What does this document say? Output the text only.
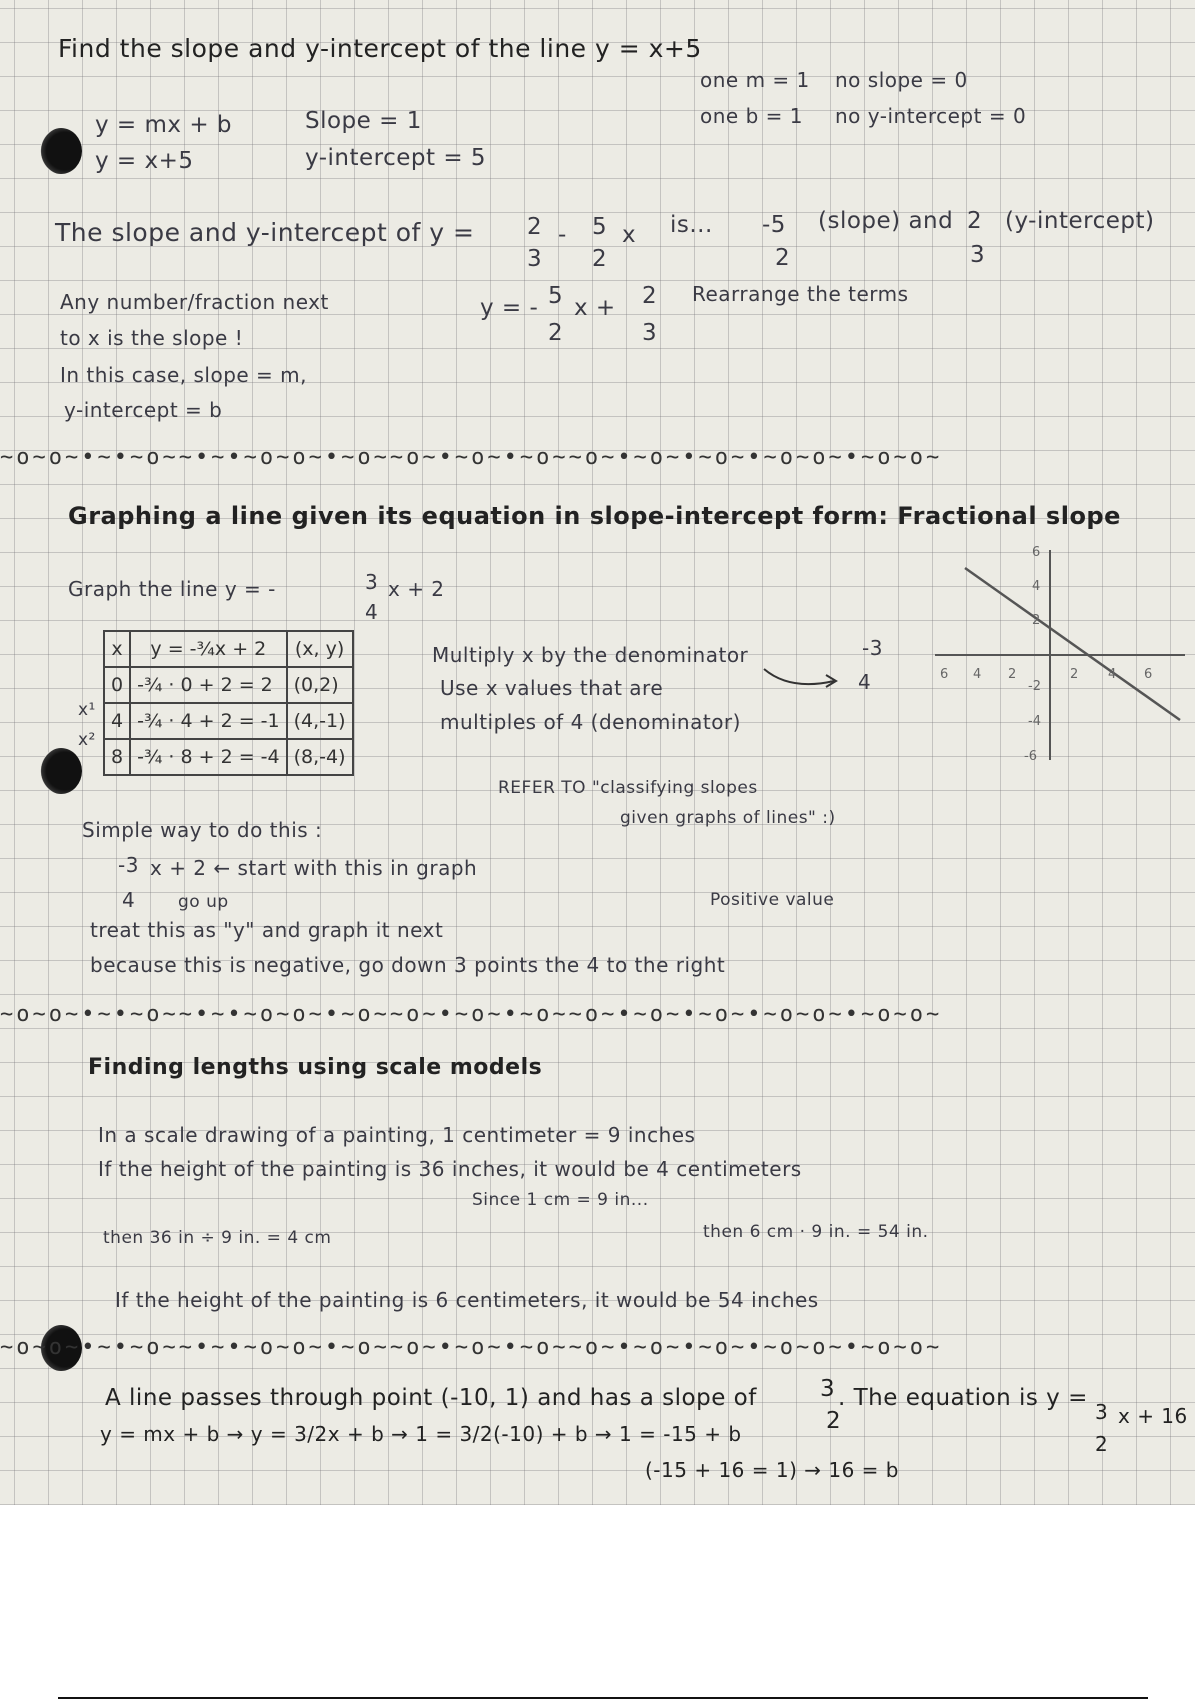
Find the slope and y-intercept of the line y = x+5
one m = 1 no slope = 0
one b = 1 no y-intercept = 0
y = mx + b	Slope = 1
y = x+5	y-intercept = 5
The slope and y-intercept of y = 2
3
- 5
2
x is... -5
2
(slope) and 2
3
(y-intercept)
Any number/fraction next
to x is the slope !
In this case, slope = m,
y-intercept = b
y = - 5
2
x + 2
3
Rearrange the terms
~o~o~•~•~o~~•~•~o~o~•~o~~o~•~o~•~o~~o~•~o~•~o~•~o~o~•~o~o~
Graphing a line given its equation in slope-intercept form: Fractional slope
Graph the line y = -	3
4
x + 2
x	y = -¾x + 2	(x, y)
0	-¾ · 0 + 2 = 2	(0,2)
4	-¾ · 4 + 2 = -1	(4,-1)
8	-¾ · 8 + 2 = -4	(8,-4)
x¹
x²
Multiply x by the denominator	-3
4
Use x values that are
multiples of 4 (denominator)
6
4
2
-2
-4
-6
6 4 2	2 4 6
REFER TO "classifying slopes
given graphs of lines" :)
Simple way to do this :
-3
4
x + 2 ← start with this in graph
go up	Positive value
treat this as "y" and graph it next
because this is negative, go down 3 points the 4 to the right
~o~o~•~•~o~~•~•~o~o~•~o~~o~•~o~•~o~~o~•~o~•~o~•~o~o~•~o~o~
Finding lengths using scale models
In a scale drawing of a painting, 1 centimeter = 9 inches
If the height of the painting is 36 inches, it would be 4 centimeters
Since 1 cm = 9 in...
then 36 in ÷ 9 in. = 4 cm	then 6 cm · 9 in. = 54 in.
If the height of the painting is 6 centimeters, it would be 54 inches
~o~o~•~•~o~~•~•~o~o~•~o~~o~•~o~•~o~~o~•~o~•~o~•~o~o~•~o~o~
A line passes through point (-10, 1) and has a slope of	3
2
. The equation is y =
3
2
x + 16
y = mx + b → y = 3/2x + b → 1 = 3/2(-10) + b → 1 = -15 + b
(-15 + 16 = 1) → 16 = b
